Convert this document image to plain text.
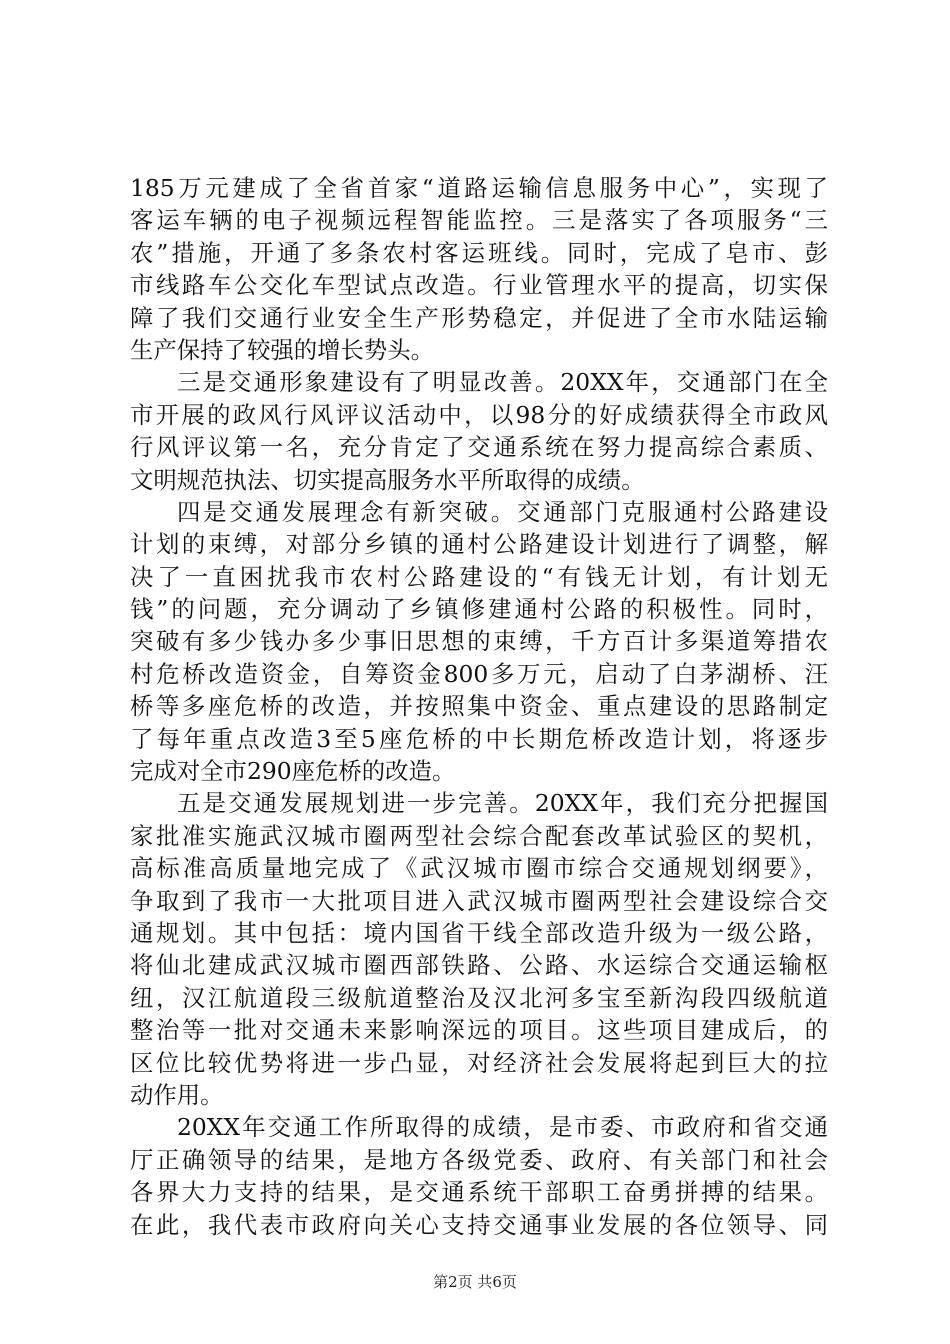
185万元建成了全省首家“道路运输信息服务中心”，实现了
客运车辆的电子视频远程智能监控。三是落实了各项服务“三
农”措施，开通了多条农村客运班线。同时，完成了皂市、彭
市线路车公交化车型试点改造。行业管理水平的提高，切实保
障了我们交通行业安全生产形势稳定，并促进了全市水陆运输
生产保持了较强的增长势头。
三是交通形象建设有了明显改善。20XX年，交通部门在全
市开展的政风行风评议活动中，以98分的好成绩获得全市政风
行风评议第一名，充分肯定了交通系统在努力提高综合素质、
文明规范执法、切实提高服务水平所取得的成绩。
四是交通发展理念有新突破。交通部门克服通村公路建设
计划的束缚，对部分乡镇的通村公路建设计划进行了调整，解
决了一直困扰我市农村公路建设的“有钱无计划，有计划无
钱”的问题，充分调动了乡镇修建通村公路的积极性。同时，
突破有多少钱办多少事旧思想的束缚，千方百计多渠道筹措农
村危桥改造资金，自筹资金800多万元，启动了白茅湖桥、汪
桥等多座危桥的改造，并按照集中资金、重点建设的思路制定
了每年重点改造3至5座危桥的中长期危桥改造计划，将逐步
完成对全市290座危桥的改造。
五是交通发展规划进一步完善。20XX年，我们充分把握国
家批准实施武汉城市圈两型社会综合配套改革试验区的契机，
高标准高质量地完成了《武汉城市圈市综合交通规划纲要》，
争取到了我市一大批项目进入武汉城市圈两型社会建设综合交
通规划。其中包括：境内国省干线全部改造升级为一级公路，
将仙北建成武汉城市圈西部铁路、公路、水运综合交通运输枢
纽，汉江航道段三级航道整治及汉北河多宝至新沟段四级航道
整治等一批对交通未来影响深远的项目。这些项目建成后，的
区位比较优势将进一步凸显，对经济社会发展将起到巨大的拉
动作用。
20XX年交通工作所取得的成绩，是市委、市政府和省交通
厅正确领导的结果，是地方各级党委、政府、有关部门和社会
各界大力支持的结果，是交通系统干部职工奋勇拼搏的结果。
在此，我代表市政府向关心支持交通事业发展的各位领导、同
第2页 共6页
